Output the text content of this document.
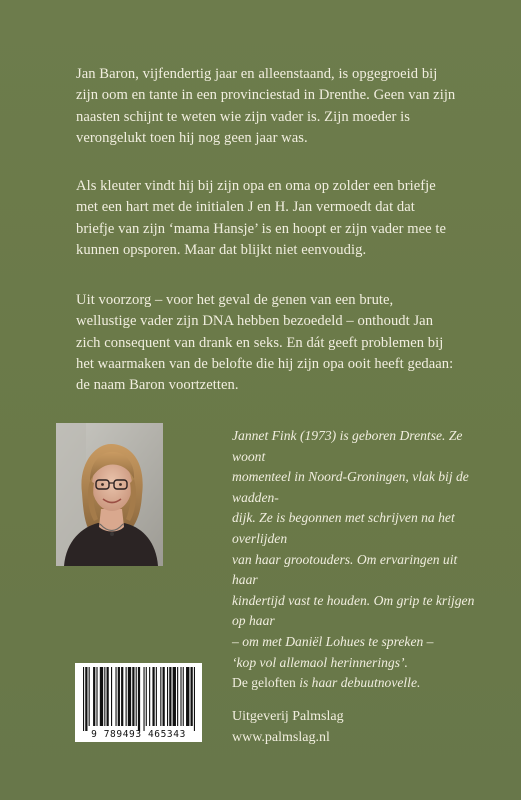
Jan Baron, vijfendertig jaar en alleenstaand, is opgegroeid bij zijn oom en tante in een provinciestad in Drenthe. Geen van zijn naasten schijnt te weten wie zijn vader is. Zijn moeder is verongelukt toen hij nog geen jaar was.

Als kleuter vindt hij bij zijn opa en oma op zolder een briefje met een hart met de initialen J en H. Jan vermoedt dat dat briefje van zijn ‘mama Hansje’ is en hoopt er zijn vader mee te kunnen opsporen. Maar dat blijkt niet eenvoudig.

Uit voorzorg – voor het geval de genen van een brute, wellustige vader zijn DNA hebben bezoedeld – onthoudt Jan zich consequent van drank en seks. En dát geeft problemen bij het waarmaken van de belofte die hij zijn opa ooit heeft gedaan: de naam Baron voortzetten.

Jannet Fink (1973) is geboren Drentse. Ze woont
momenteel in Noord-Groningen, vlak bij de wadden-
dijk. Ze is begonnen met schrijven na het overlijden
van haar grootouders. Om ervaringen uit haar
kindertijd vast te houden. Om grip te krijgen op haar
– om met Daniël Lohues te spreken –
‘kop vol allemaol herinnerings’.
De geloften is haar debuutnovelle.
9 789493 465343
Uitgeverij Palmslag
www.palmslag.nl
